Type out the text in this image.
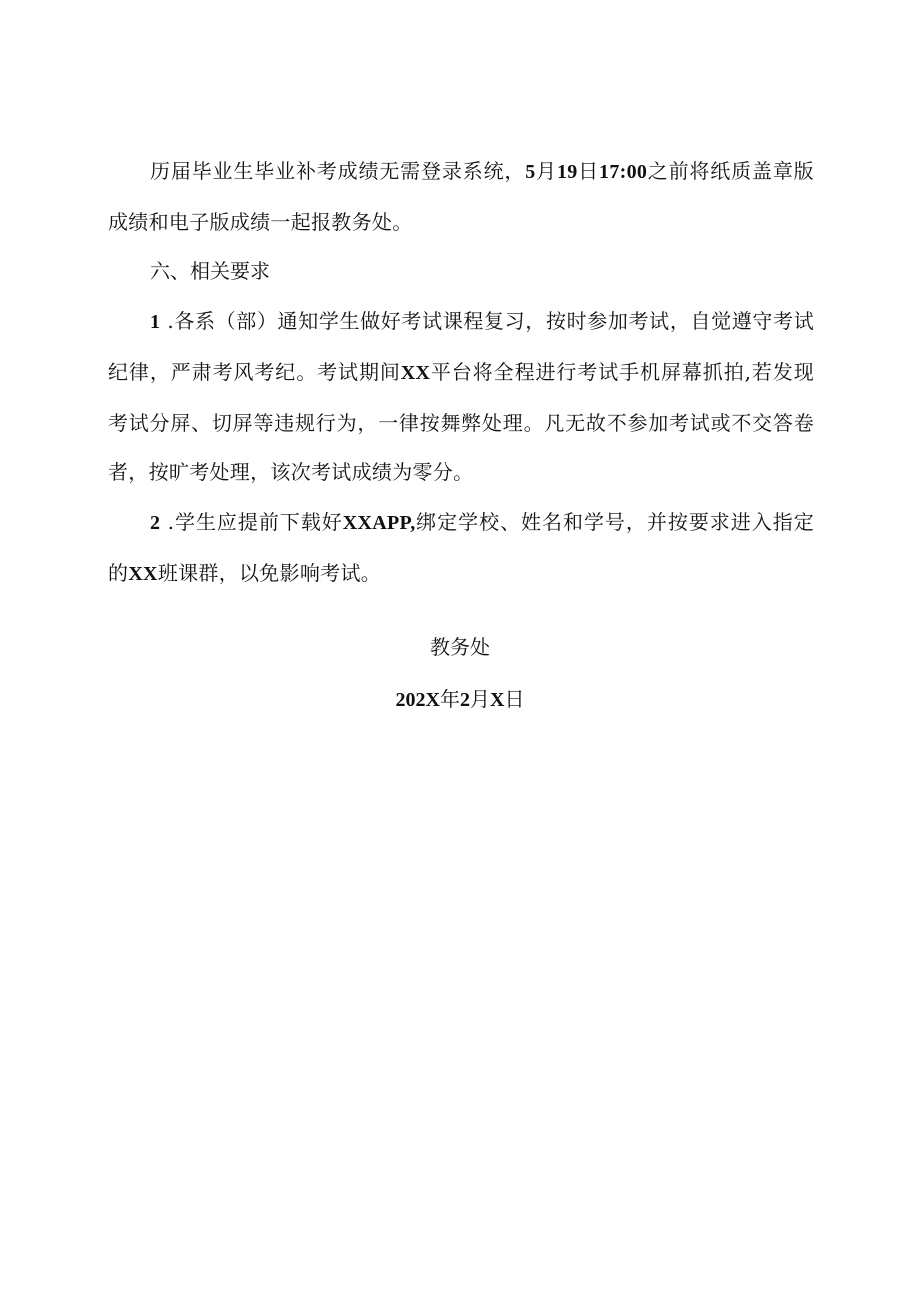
历届毕业生毕业补考成绩无需登录系统，5月19日17:00之前将纸质盖章版成绩和电子版成绩一起报教务处。

六、相关要求

1 .各系（部）通知学生做好考试课程复习，按时参加考试，自觉遵守考试纪律，严肃考风考纪。考试期间XX平台将全程进行考试手机屏幕抓拍,若发现考试分屏、切屏等违规行为，一律按舞弊处理。凡无故不参加考试或不交答卷者，按旷考处理，该次考试成绩为零分。

2 .学生应提前下载好XXAPP,绑定学校、姓名和学号，并按要求进入指定的XX班课群，以免影响考试。

教务处
202X年2月X日
